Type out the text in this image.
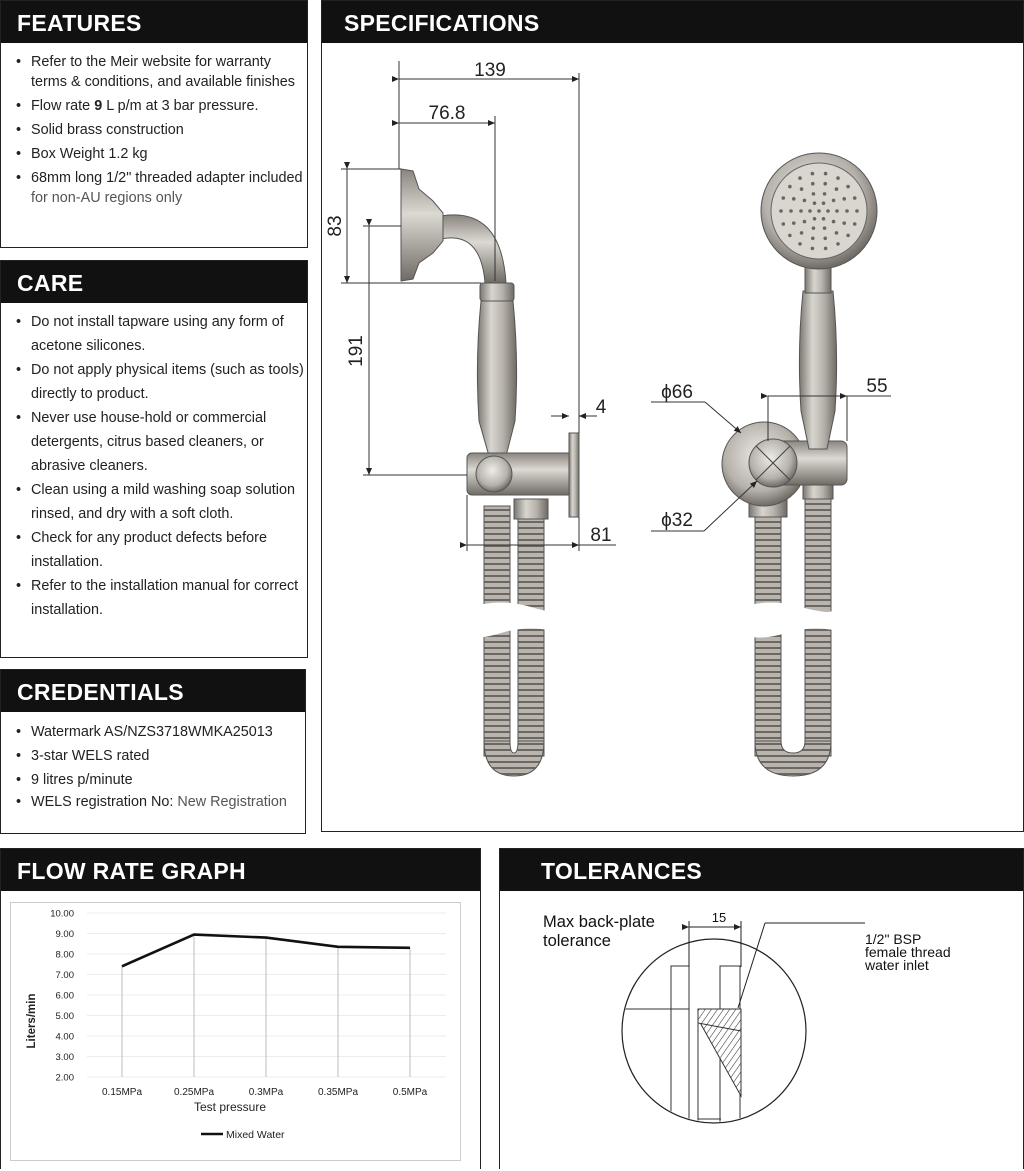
FEATURES
• Refer to the Meir website for warranty terms & conditions, and available finishes
• Flow rate 9 L p/m at 3 bar pressure.
• Solid brass construction
• Box Weight 1.2 kg
• 68mm long 1/2" threaded adapter included for non-AU regions only
CARE
• Do not install tapware using any form of acetone silicones.
• Do not apply physical items (such as tools) directly to product.
• Never use house-hold or commercial detergents, citrus based cleaners, or abrasive cleaners.
• Clean using a mild washing soap solution rinsed, and dry with a soft cloth.
• Check for any product defects before installation.
• Refer to the installation manual for correct installation.
CREDENTIALS
• Watermark AS/NZS3718WMKA25013
• 3-star WELS rated
• 9 litres p/minute
• WELS registration No: New Registration
SPECIFICATIONS
139
76.8
83
191
4
81
ϕ66
ϕ32
55
FLOW RATE GRAPH
2.00
3.00
4.00
5.00
6.00
7.00
8.00
9.00
10.00
0.15MPa	0.25MPa	0.3MPa	0.35MPa	0.5MPa
Liters/min
Test pressure
Mixed Water
TOLERANCES
Max back-plate
tolerance
15
1/2" BSP
female thread
water inlet
